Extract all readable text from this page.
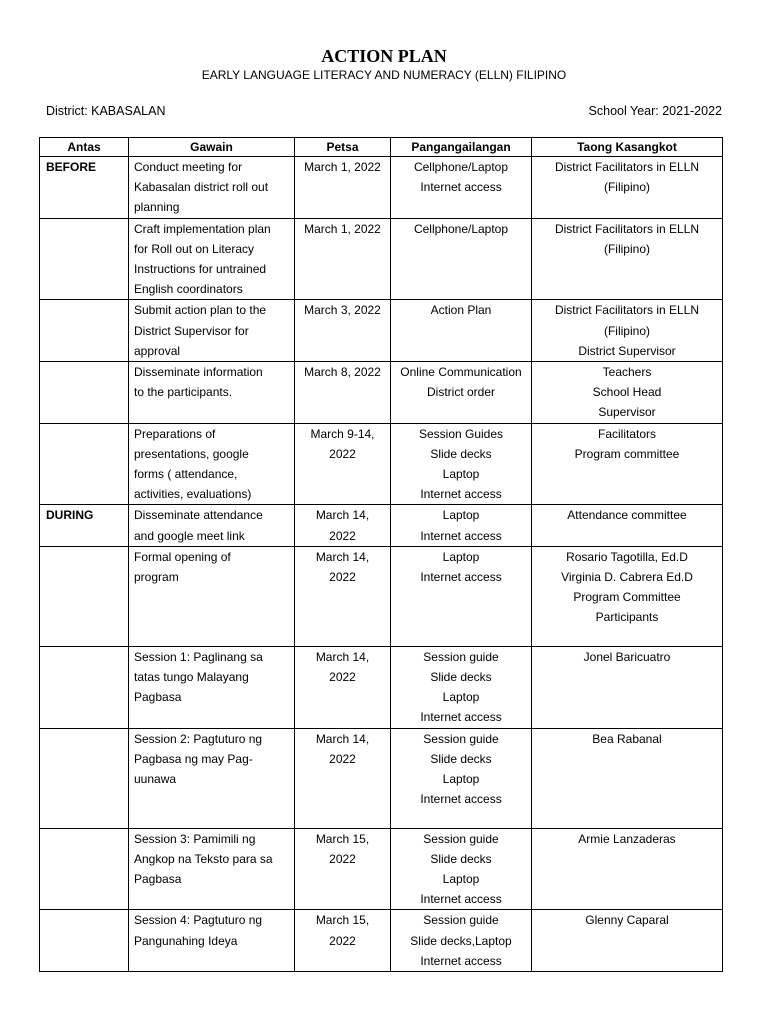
ACTION PLAN
EARLY LANGUAGE LITERACY AND NUMERACY (ELLN) FILIPINO
District: KABASALAN	School Year: 2021-2022
Antas	Gawain	Petsa	Pangangailangan	Taong Kasangkot
BEFORE	Conduct meeting for
Kabasalan district roll out
planning	March 1, 2022	Cellphone/Laptop
Internet access	District Facilitators in ELLN
(Filipino)

	Craft implementation plan
for Roll out on Literacy
Instructions for untrained
English coordinators	March 1, 2022	Cellphone/Laptop	District Facilitators in ELLN
(Filipino)

	Submit action plan to the
District Supervisor for
approval	March 3, 2022	Action Plan	District Facilitators in ELLN
(Filipino)
District Supervisor

	Disseminate information
to the participants.	March 8, 2022	Online Communication
District order	Teachers
School Head
Supervisor

	Preparations of
presentations, google
forms ( attendance,
activities, evaluations)	March 9-14,
2022	Session Guides
Slide decks
Laptop
Internet access	Facilitators
Program committee

DURING	Disseminate attendance
and google meet link	March 14,
2022	Laptop
Internet access	Attendance committee

	Formal opening of
program	March 14,
2022	Laptop
Internet access	Rosario Tagotilla, Ed.D
Virginia D. Cabrera Ed.D
Program Committee
Participants

	Session 1: Paglinang sa
tatas tungo Malayang
Pagbasa	March 14,
2022	Session guide
Slide decks
Laptop
Internet access	Jonel Baricuatro

	Session 2: Pagtuturo ng
Pagbasa ng may Pag-
uunawa	March 14,
2022	Session guide
Slide decks
Laptop
Internet access	Bea Rabanal

	Session 3: Pamimili ng
Angkop na Teksto para sa
Pagbasa	March 15,
2022	Session guide
Slide decks
Laptop
Internet access	Armie Lanzaderas

	Session 4: Pagtuturo ng
Pangunahing Ideya	March 15,
2022	Session guide
Slide decks,Laptop
Internet access	Glenny Caparal
